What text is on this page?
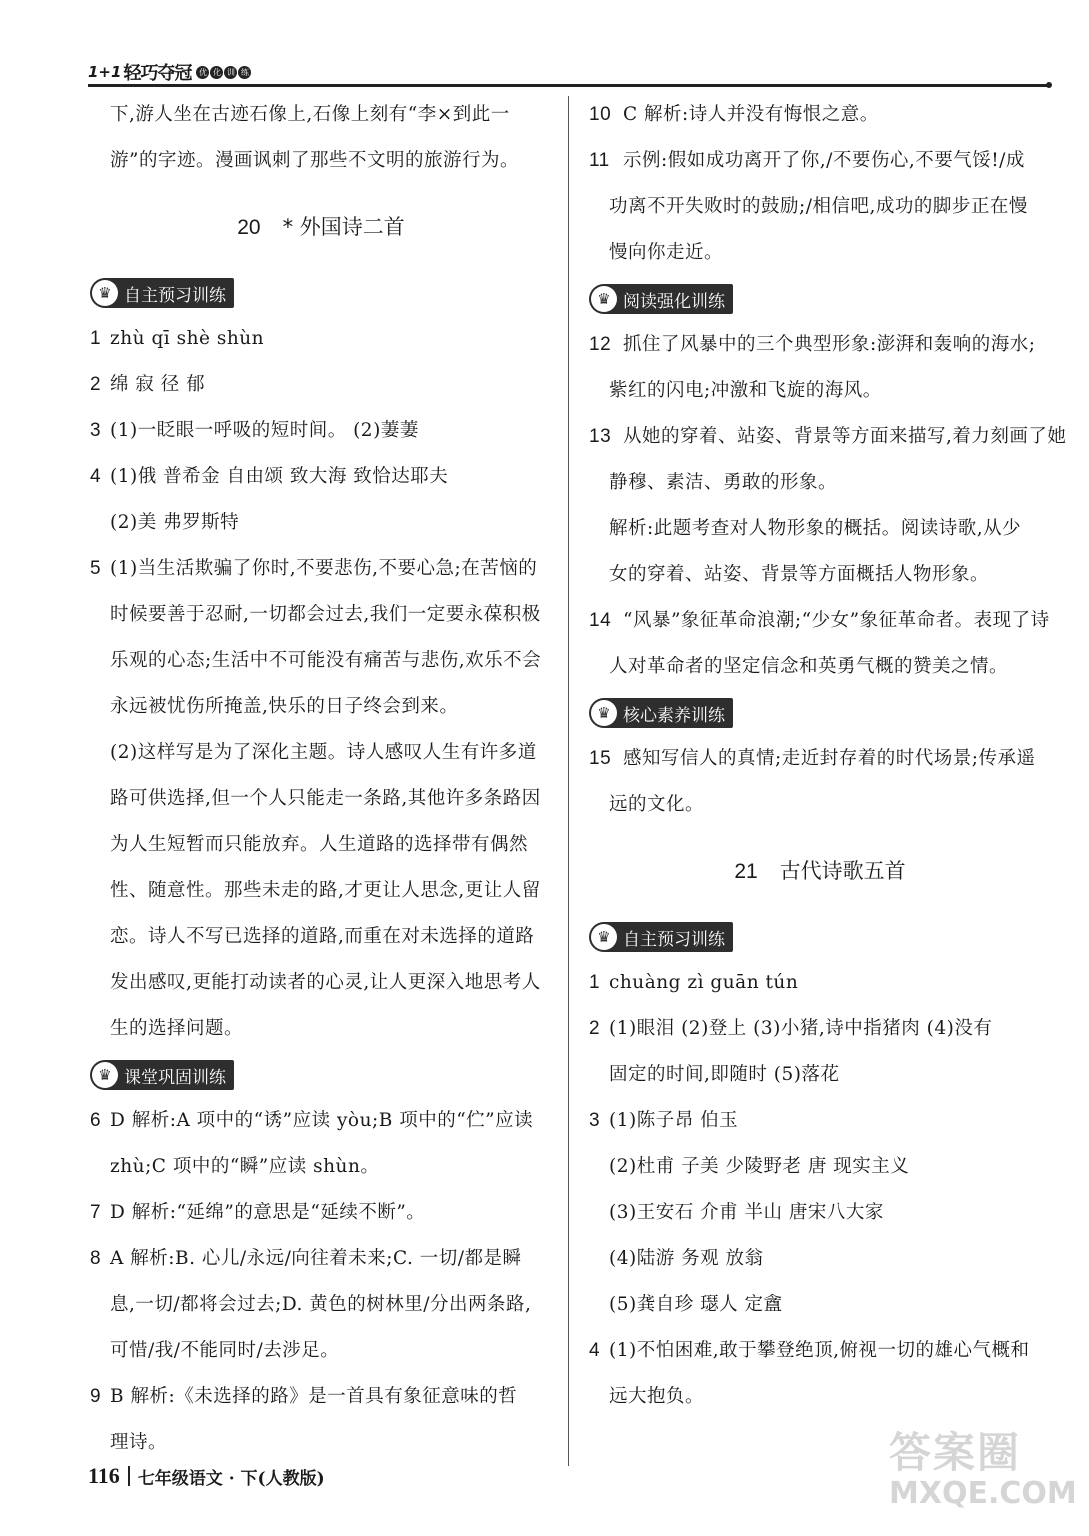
1+1 轻巧夺冠 优 化 训 练
下,游人坐在古迹石像上,石像上刻有“李×到此一
游”的字迹。漫画讽刺了那些不文明的旅游行为。
20 * 外国诗二首
♛ 自主预习训练
1 zhù qī shè shùn
2 绵 寂 径 郁
3 (1)一眨眼一呼吸的短时间。 (2)萋萋
4 (1)俄 普希金 自由颂 致大海 致恰达耶夫
(2)美 弗罗斯特
5 (1)当生活欺骗了你时,不要悲伤,不要心急;在苦恼的
时候要善于忍耐,一切都会过去,我们一定要永葆积极
乐观的心态;生活中不可能没有痛苦与悲伤,欢乐不会
永远被忧伤所掩盖,快乐的日子终会到来。
(2)这样写是为了深化主题。诗人感叹人生有许多道
路可供选择,但一个人只能走一条路,其他许多条路因
为人生短暂而只能放弃。人生道路的选择带有偶然
性、随意性。那些未走的路,才更让人思念,更让人留
恋。诗人不写已选择的道路,而重在对未选择的道路
发出感叹,更能打动读者的心灵,让人更深入地思考人
生的选择问题。
♛ 课堂巩固训练
6 D 解析:A 项中的“诱”应读 yòu;B 项中的“伫”应读
zhù;C 项中的“瞬”应读 shùn。
7 D 解析:“延绵”的意思是“延续不断”。
8 A 解析:B. 心儿/永远/向往着未来;C. 一切/都是瞬
息,一切/都将会过去;D. 黄色的树林里/分出两条路,
可惜/我/不能同时/去涉足。
9 B 解析:《未选择的路》是一首具有象征意味的哲
理诗。
10 C 解析:诗人并没有悔恨之意。
11 示例:假如成功离开了你,/不要伤心,不要气馁!/成
功离不开失败时的鼓励;/相信吧,成功的脚步正在慢
慢向你走近。
♛ 阅读强化训练
12 抓住了风暴中的三个典型形象:澎湃和轰响的海水;
紫红的闪电;冲激和飞旋的海风。
13 从她的穿着、站姿、背景等方面来描写,着力刻画了她
静穆、素洁、勇敢的形象。
解析:此题考查对人物形象的概括。阅读诗歌,从少
女的穿着、站姿、背景等方面概括人物形象。
14 “风暴”象征革命浪潮;“少女”象征革命者。表现了诗
人对革命者的坚定信念和英勇气概的赞美之情。
♛ 核心素养训练
15 感知写信人的真情;走近封存着的时代场景;传承遥
远的文化。
21 古代诗歌五首
♛ 自主预习训练
1 chuàng zì guān tún
2 (1)眼泪 (2)登上 (3)小猪,诗中指猪肉 (4)没有
固定的时间,即随时 (5)落花
3 (1)陈子昂 伯玉
(2)杜甫 子美 少陵野老 唐 现实主义
(3)王安石 介甫 半山 唐宋八大家
(4)陆游 务观 放翁
(5)龚自珍 璱人 定盦
4 (1)不怕困难,敢于攀登绝顶,俯视一切的雄心气概和
远大抱负。
116 七年级语文 · 下(人教版)
答案圈
MXQE.COM
